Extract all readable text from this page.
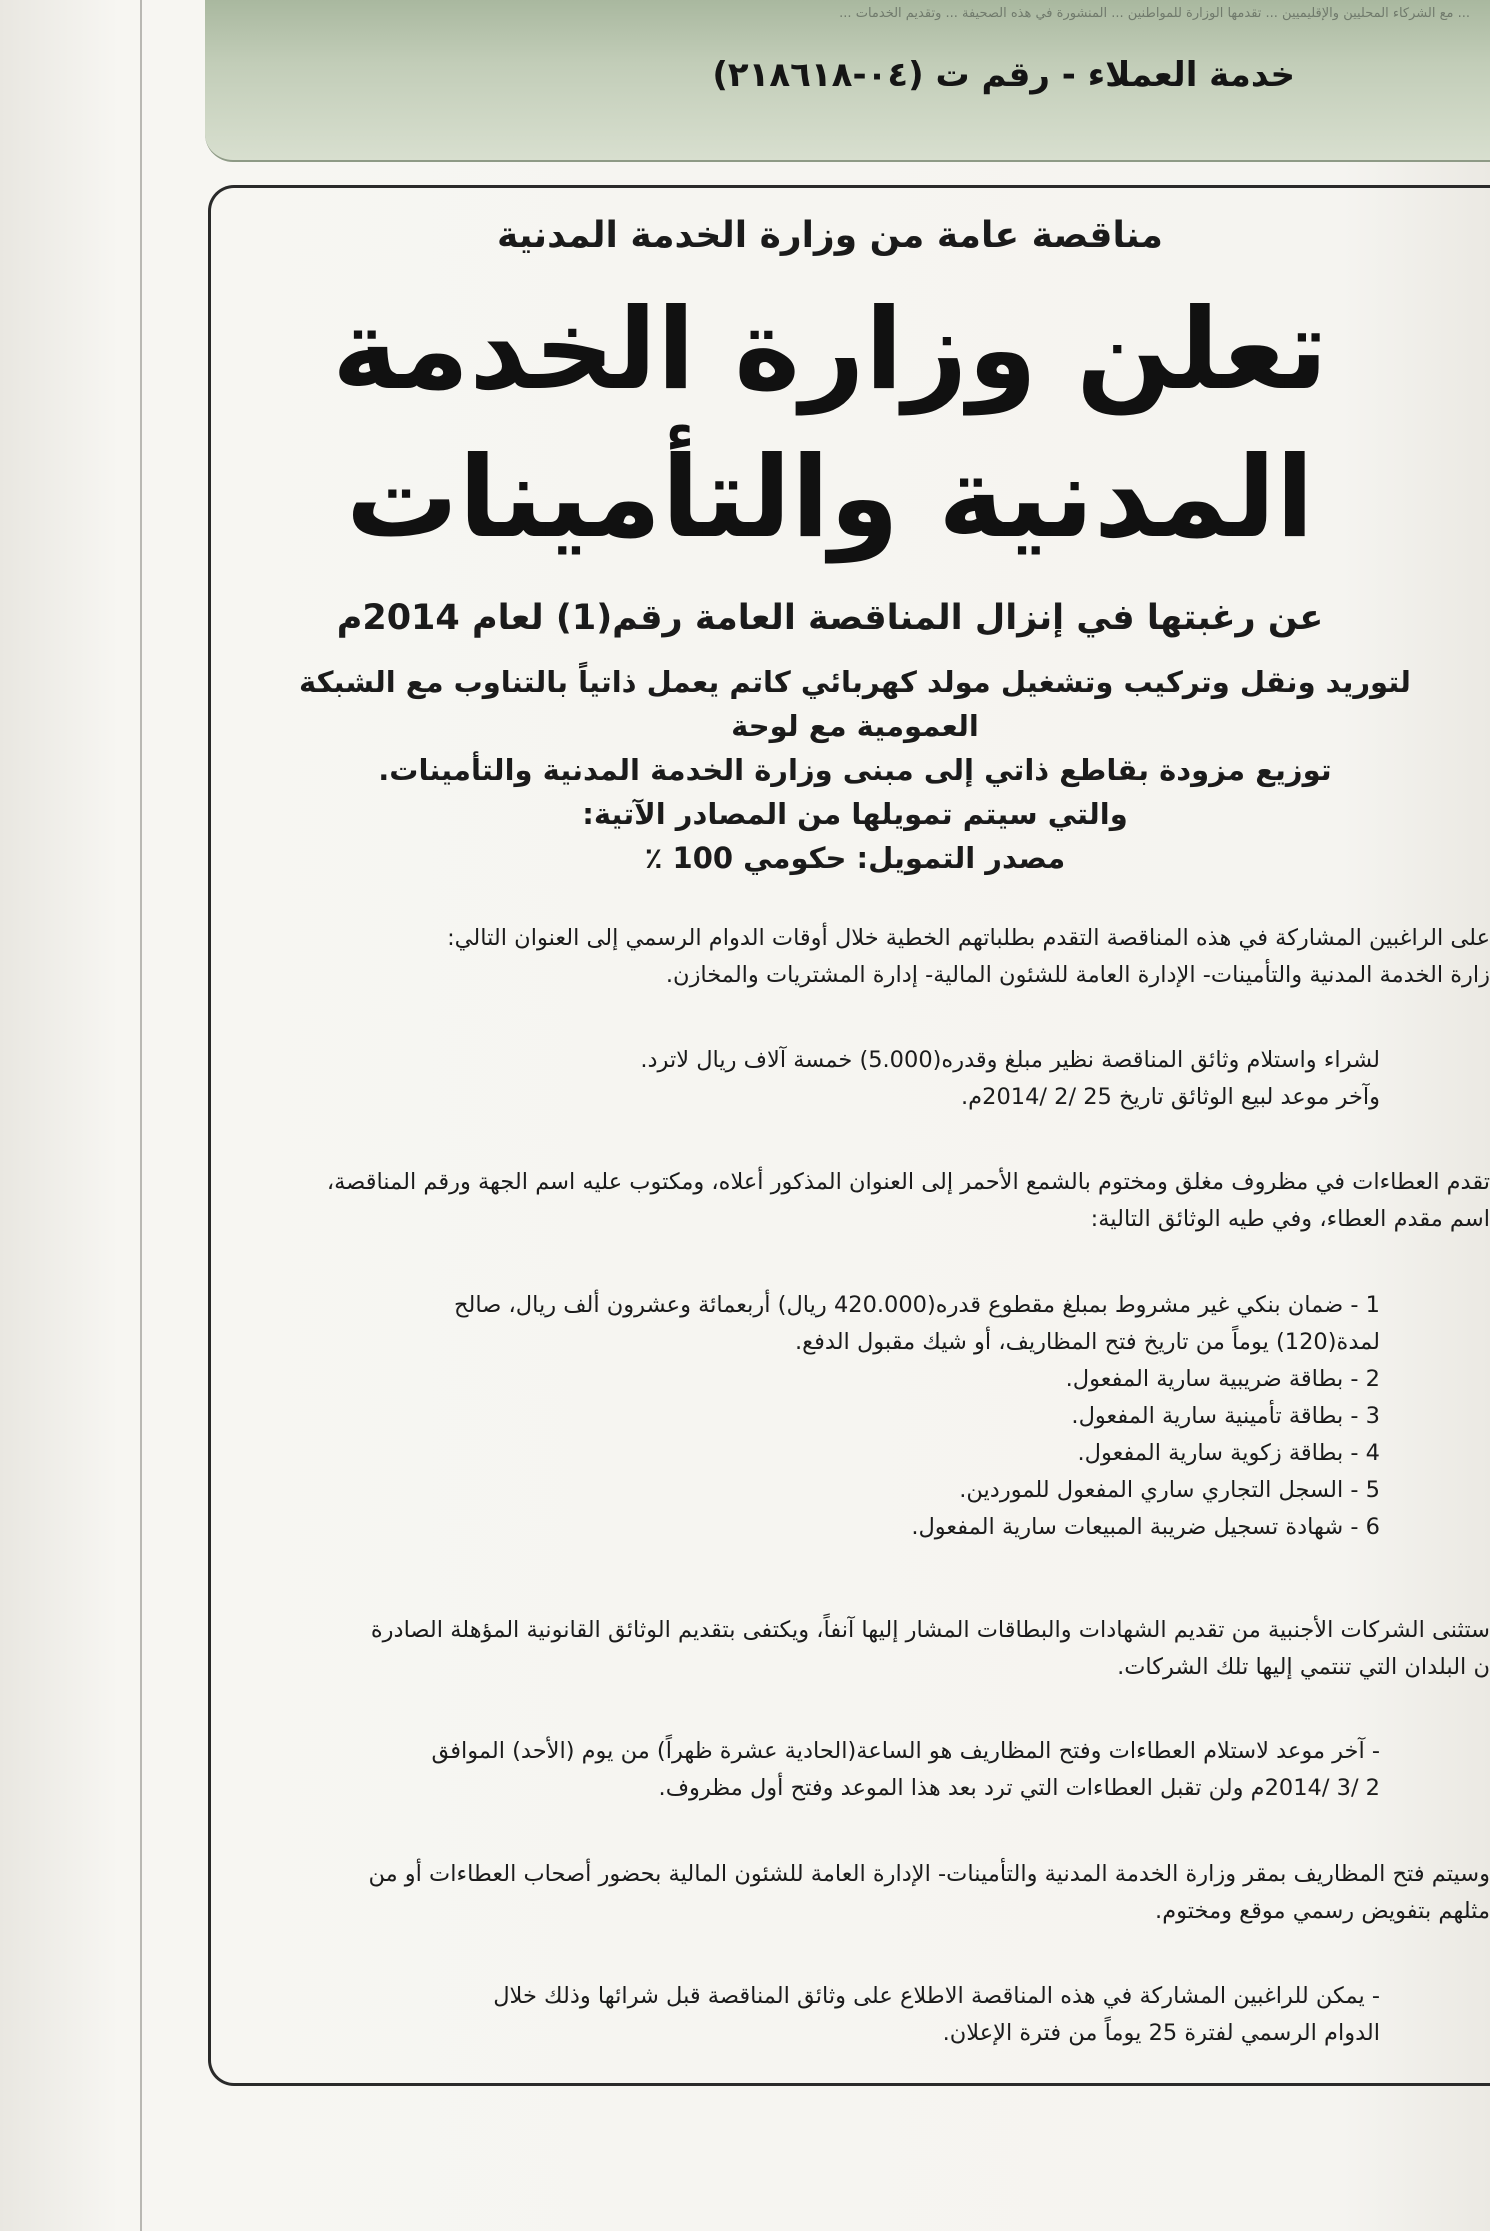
... مع الشركاء المحليين والإقليميين ... تقدمها الوزارة للمواطنين ... المنشورة في هذه الصحيفة ... وتقديم الخدمات ...
خدمة العملاء - رقم ت (٠٤-٢١٨٦١٨)
مناقصة عامة من وزارة الخدمة المدنية
تعلن وزارة الخدمة
المدنية والتأمينات
عن رغبتها في إنزال المناقصة العامة رقم(1) لعام 2014م

لتوريد ونقل وتركيب وتشغيل مولد كهربائي كاتم يعمل ذاتياً بالتناوب مع الشبكة العمومية مع لوحة

توزيع مزودة بقاطع ذاتي إلى مبنى وزارة الخدمة المدنية والتأمينات.

والتي سيتم تمويلها من المصادر الآتية:

مصدر التمويل: حكومي 100 ٪

على الراغبين المشاركة في هذه المناقصة التقدم بطلباتهم الخطية خلال أوقات الدوام الرسمي إلى العنوان التالي:

زارة الخدمة المدنية والتأمينات- الإدارة العامة للشئون المالية- إدارة المشتريات والمخازن.

لشراء واستلام وثائق المناقصة نظير مبلغ وقدره(5.000) خمسة آلاف ريال لاترد.

وآخر موعد لبيع الوثائق تاريخ 25 /2 /2014م.

تقدم العطاءات في مظروف مغلق ومختوم بالشمع الأحمر إلى العنوان المذكور أعلاه، ومكتوب عليه اسم الجهة ورقم المناقصة،

اسم مقدم العطاء، وفي طيه الوثائق التالية:

1 - ضمان بنكي غير مشروط بمبلغ مقطوع قدره(420.000 ريال) أربعمائة وعشرون ألف ريال، صالح

لمدة(120) يوماً من تاريخ فتح المظاريف، أو شيك مقبول الدفع.

2 - بطاقة ضريبية سارية المفعول.

3 - بطاقة تأمينية سارية المفعول.

4 - بطاقة زكوية سارية المفعول.

5 - السجل التجاري ساري المفعول للموردين.

6 - شهادة تسجيل ضريبة المبيعات سارية المفعول.

ستثنى الشركات الأجنبية من تقديم الشهادات والبطاقات المشار إليها آنفاً، ويكتفى بتقديم الوثائق القانونية المؤهلة الصادرة

ن البلدان التي تنتمي إليها تلك الشركات.

- آخر موعد لاستلام العطاءات وفتح المظاريف هو الساعة(الحادية عشرة ظهراً) من يوم (الأحد) الموافق

2 /3 /2014م ولن تقبل العطاءات التي ترد بعد هذا الموعد وفتح أول مظروف.

وسيتم فتح المظاريف بمقر وزارة الخدمة المدنية والتأمينات- الإدارة العامة للشئون المالية بحضور أصحاب العطاءات أو من

مثلهم بتفويض رسمي موقع ومختوم.

- يمكن للراغبين المشاركة في هذه المناقصة الاطلاع على وثائق المناقصة قبل شرائها وذلك خلال

الدوام الرسمي لفترة 25 يوماً من فترة الإعلان.
